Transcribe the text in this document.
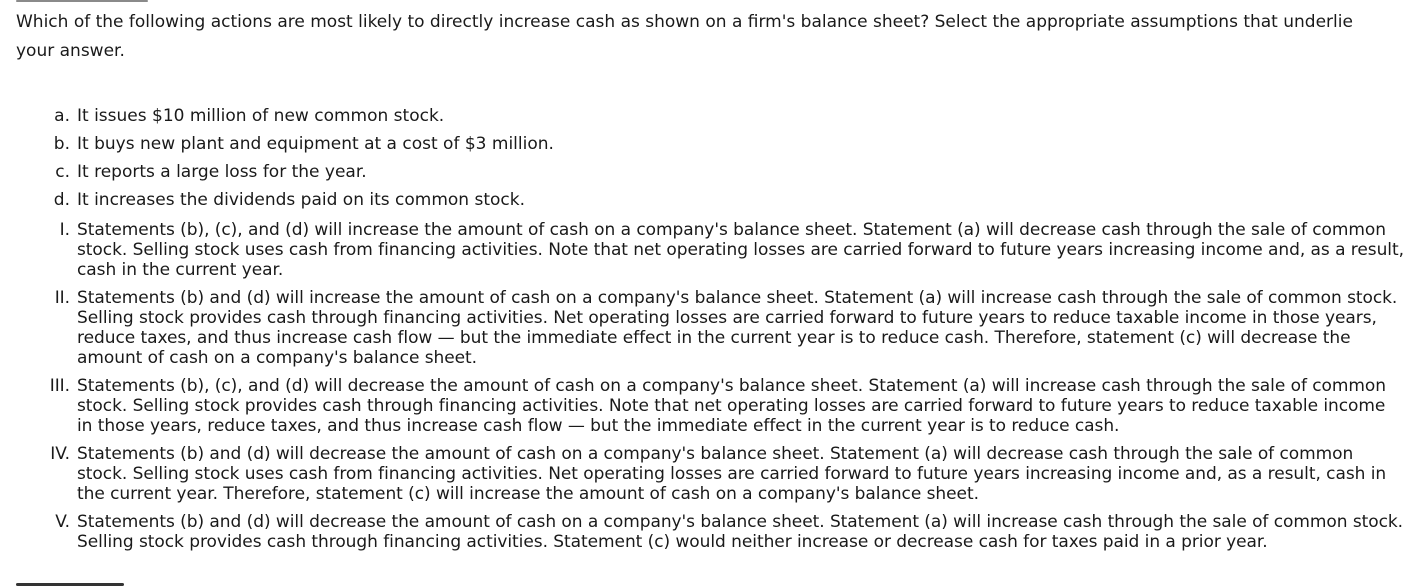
Which of the following actions are most likely to directly increase cash as shown on a firm's balance sheet? Select the appropriate assumptions that underlie your answer.

a. It issues $10 million of new common stock.
b. It buys new plant and equipment at a cost of $3 million.
c. It reports a large loss for the year.
d. It increases the dividends paid on its common stock.
I. Statements (b), (c), and (d) will increase the amount of cash on a company's balance sheet. Statement (a) will decrease cash through the sale of common stock. Selling stock uses cash from financing activities. Note that net operating losses are carried forward to future years increasing income and, as a result, cash in the current year.
II. Statements (b) and (d) will increase the amount of cash on a company's balance sheet. Statement (a) will increase cash through the sale of common stock. Selling stock provides cash through financing activities. Net operating losses are carried forward to future years to reduce taxable income in those years, reduce taxes, and thus increase cash flow — but the immediate effect in the current year is to reduce cash. Therefore, statement (c) will decrease the amount of cash on a company's balance sheet.
III. Statements (b), (c), and (d) will decrease the amount of cash on a company's balance sheet. Statement (a) will increase cash through the sale of common stock. Selling stock provides cash through financing activities. Note that net operating losses are carried forward to future years to reduce taxable income in those years, reduce taxes, and thus increase cash flow — but the immediate effect in the current year is to reduce cash.
IV. Statements (b) and (d) will decrease the amount of cash on a company's balance sheet. Statement (a) will decrease cash through the sale of common stock. Selling stock uses cash from financing activities. Net operating losses are carried forward to future years increasing income and, as a result, cash in the current year. Therefore, statement (c) will increase the amount of cash on a company's balance sheet.
V. Statements (b) and (d) will decrease the amount of cash on a company's balance sheet. Statement (a) will increase cash through the sale of common stock. Selling stock provides cash through financing activities. Statement (c) would neither increase or decrease cash for taxes paid in a prior year.
